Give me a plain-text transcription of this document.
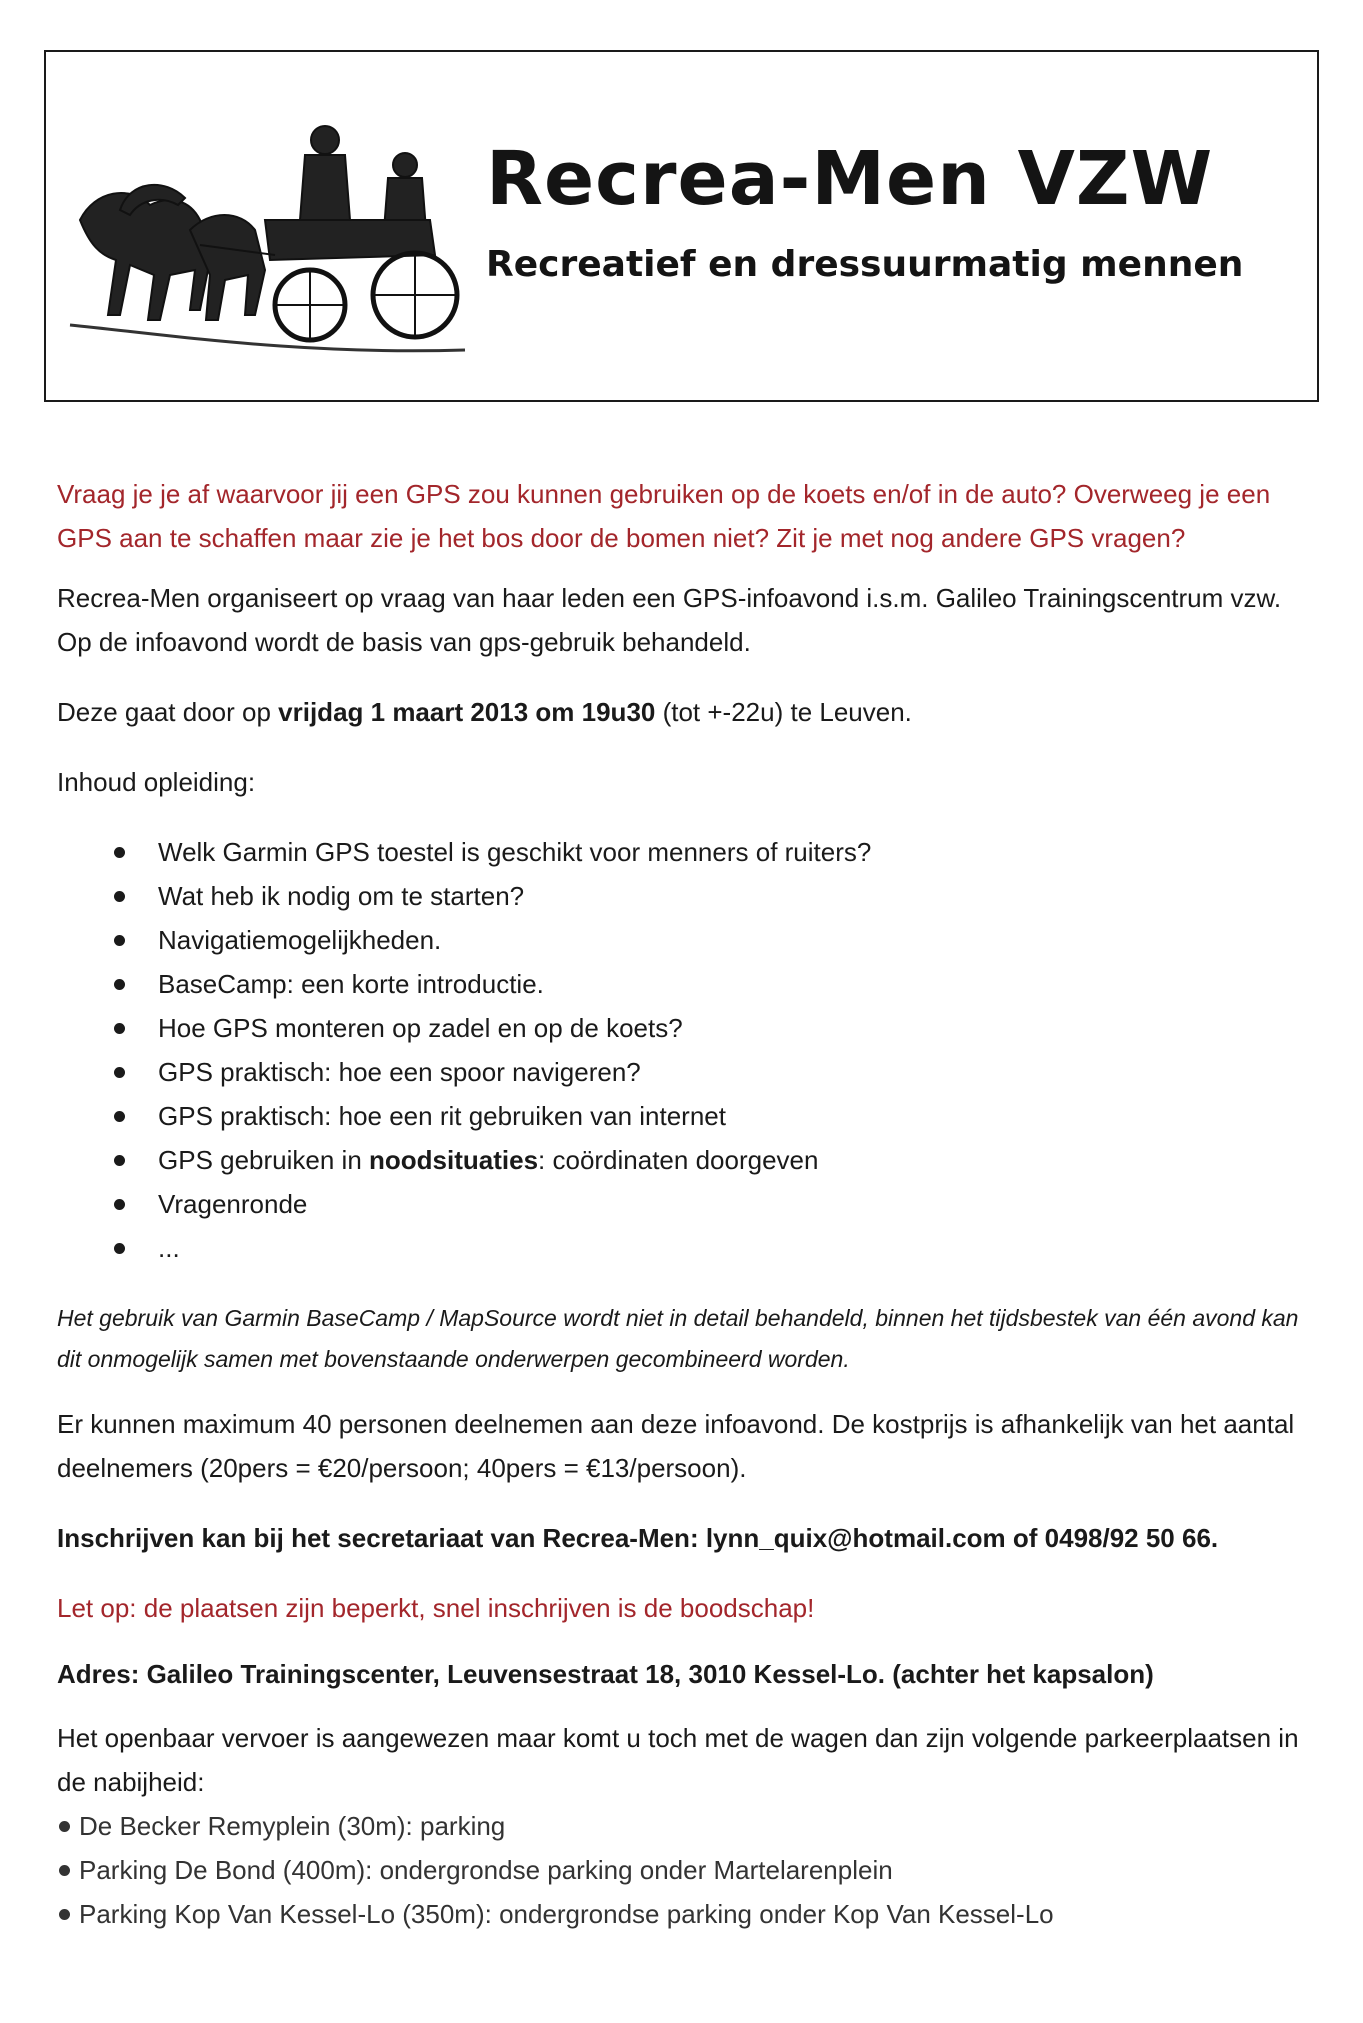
Recrea-Men VZW
Recreatief en dressuurmatig mennen

Vraag je je af waarvoor jij een GPS zou kunnen gebruiken op de koets en/of in de auto? Overweeg je een GPS aan te schaffen maar zie je het bos door de bomen niet? Zit je met nog andere GPS vragen?

Recrea-Men organiseert op vraag van haar leden een GPS-infoavond i.s.m. Galileo Trainingscentrum vzw. Op de infoavond wordt de basis van gps-gebruik behandeld.

Deze gaat door op vrijdag 1 maart 2013 om 19u30 (tot +-22u) te Leuven.

Inhoud opleiding:

Welk Garmin GPS toestel is geschikt voor menners of ruiters?
Wat heb ik nodig om te starten?
Navigatiemogelijkheden.
BaseCamp: een korte introductie.
Hoe GPS monteren op zadel en op de koets?
GPS praktisch: hoe een spoor navigeren?
GPS praktisch: hoe een rit gebruiken van internet
GPS gebruiken in noodsituaties: coördinaten doorgeven
Vragenronde
...

Het gebruik van Garmin BaseCamp / MapSource wordt niet in detail behandeld, binnen het tijdsbestek van één avond kan dit onmogelijk samen met bovenstaande onderwerpen gecombineerd worden.

Er kunnen maximum 40 personen deelnemen aan deze infoavond. De kostprijs is afhankelijk van het aantal deelnemers (20pers = €20/persoon; 40pers = €13/persoon).

Inschrijven kan bij het secretariaat van Recrea-Men: lynn_quix@hotmail.com of 0498/92 50 66.

Let op: de plaatsen zijn beperkt, snel inschrijven is de boodschap!

Adres: Galileo Trainingscenter, Leuvensestraat 18, 3010 Kessel-Lo. (achter het kapsalon)

Het openbaar vervoer is aangewezen maar komt u toch met de wagen dan zijn volgende parkeerplaatsen in de nabijheid:

De Becker Remyplein (30m): parking
Parking De Bond (400m): ondergrondse parking onder Martelarenplein
Parking Kop Van Kessel-Lo (350m): ondergrondse parking onder Kop Van Kessel-Lo
